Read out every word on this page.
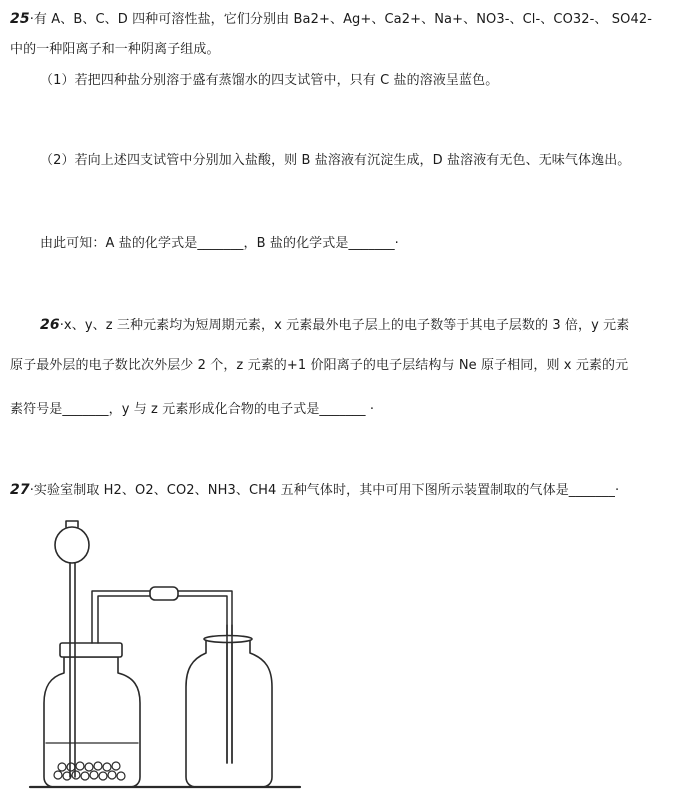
25·有 A、B、C、D 四种可溶性盐，它们分别由 Ba2+、Ag+、Ca2+、Na+、NO3-、Cl-、CO32-、 SO42-
中的一种阳离子和一种阴离子组成。
（1）若把四种盐分别溶于盛有蒸馏水的四支试管中，只有 C 盐的溶液呈蓝色。
（2）若向上述四支试管中分别加入盐酸，则 B 盐溶液有沉淀生成，D 盐溶液有无色、无味气体逸出。
由此可知：A 盐的化学式是_______，B 盐的化学式是_______·
26·x、y、z 三种元素均为短周期元素，x 元素最外电子层上的电子数等于其电子层数的 3 倍，y 元素
原子最外层的电子数比次外层少 2 个，z 元素的+1 价阳离子的电子层结构与 Ne 原子相同，则 x 元素的元
素符号是_______，y 与 z 元素形成化合物的电子式是_______ ·
27·实验室制取 H2、O2、CO2、NH3、CH4 五种气体时，其中可用下图所示装置制取的气体是_______·
